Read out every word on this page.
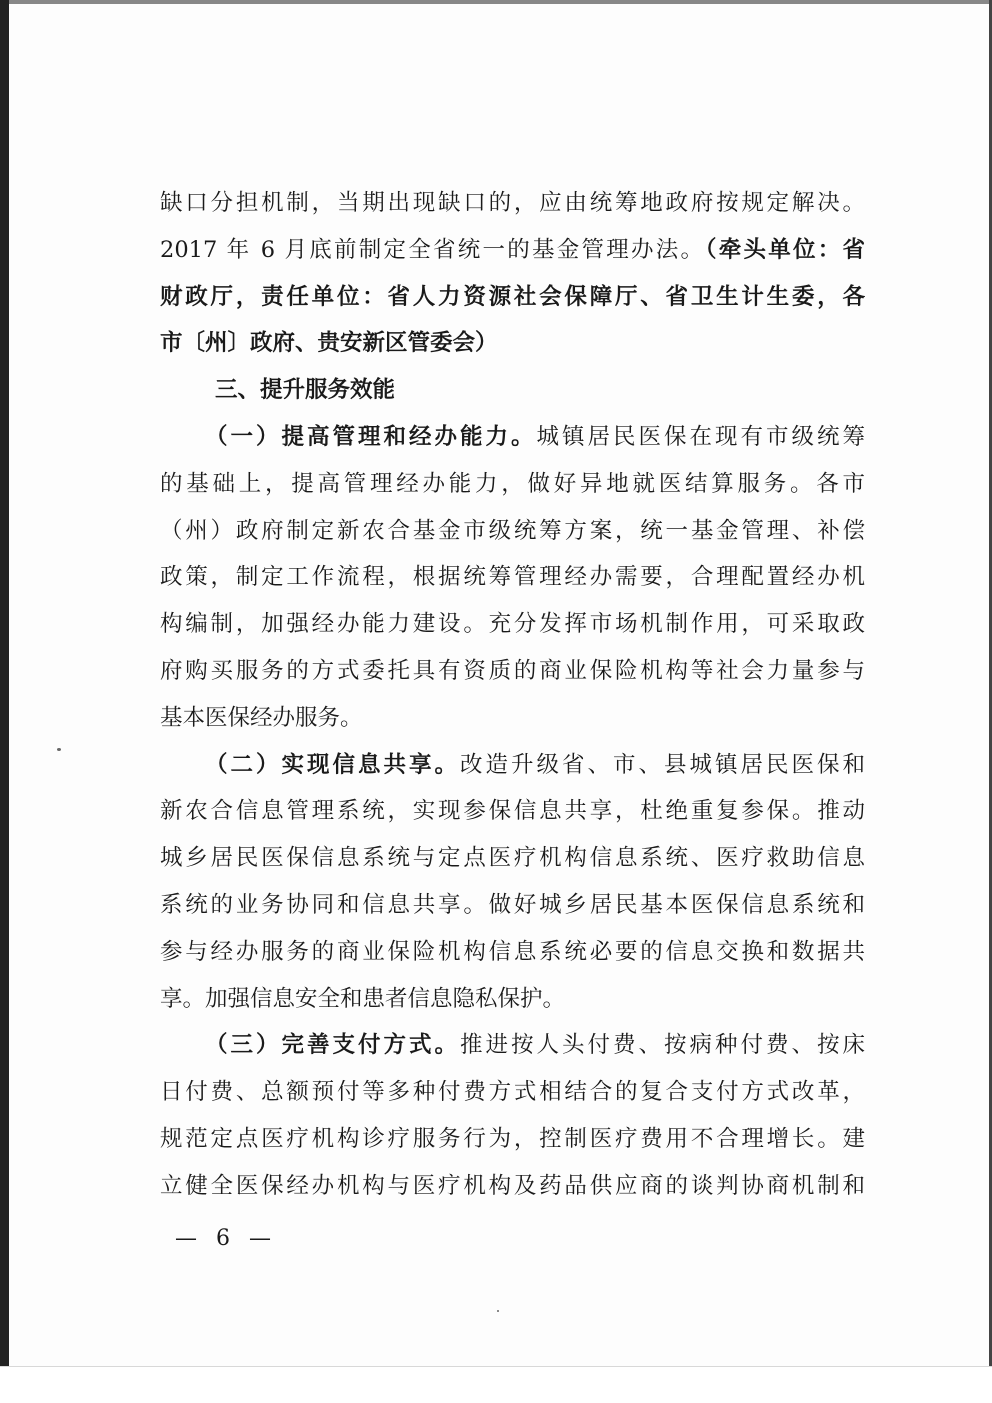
缺口分担机制，当期出现缺口的，应由统筹地政府按规定解决。
2017 年 6 月底前制定全省统一的基金管理办法。（牵头单位：省
财政厅，责任单位：省人力资源社会保障厅、省卫生计生委，各
市〔州〕政府、贵安新区管委会）
三、提升服务效能
（一）提高管理和经办能力。城镇居民医保在现有市级统筹
的基础上，提高管理经办能力，做好异地就医结算服务。各市
（州）政府制定新农合基金市级统筹方案，统一基金管理、补偿
政策，制定工作流程，根据统筹管理经办需要，合理配置经办机
构编制，加强经办能力建设。充分发挥市场机制作用，可采取政
府购买服务的方式委托具有资质的商业保险机构等社会力量参与
基本医保经办服务。
（二）实现信息共享。改造升级省、市、县城镇居民医保和
新农合信息管理系统，实现参保信息共享，杜绝重复参保。推动
城乡居民医保信息系统与定点医疗机构信息系统、医疗救助信息
系统的业务协同和信息共享。做好城乡居民基本医保信息系统和
参与经办服务的商业保险机构信息系统必要的信息交换和数据共
享。加强信息安全和患者信息隐私保护。
（三）完善支付方式。推进按人头付费、按病种付费、按床
日付费、总额预付等多种付费方式相结合的复合支付方式改革，
规范定点医疗机构诊疗服务行为，控制医疗费用不合理增长。建
立健全医保经办机构与医疗机构及药品供应商的谈判协商机制和
— 6 —
